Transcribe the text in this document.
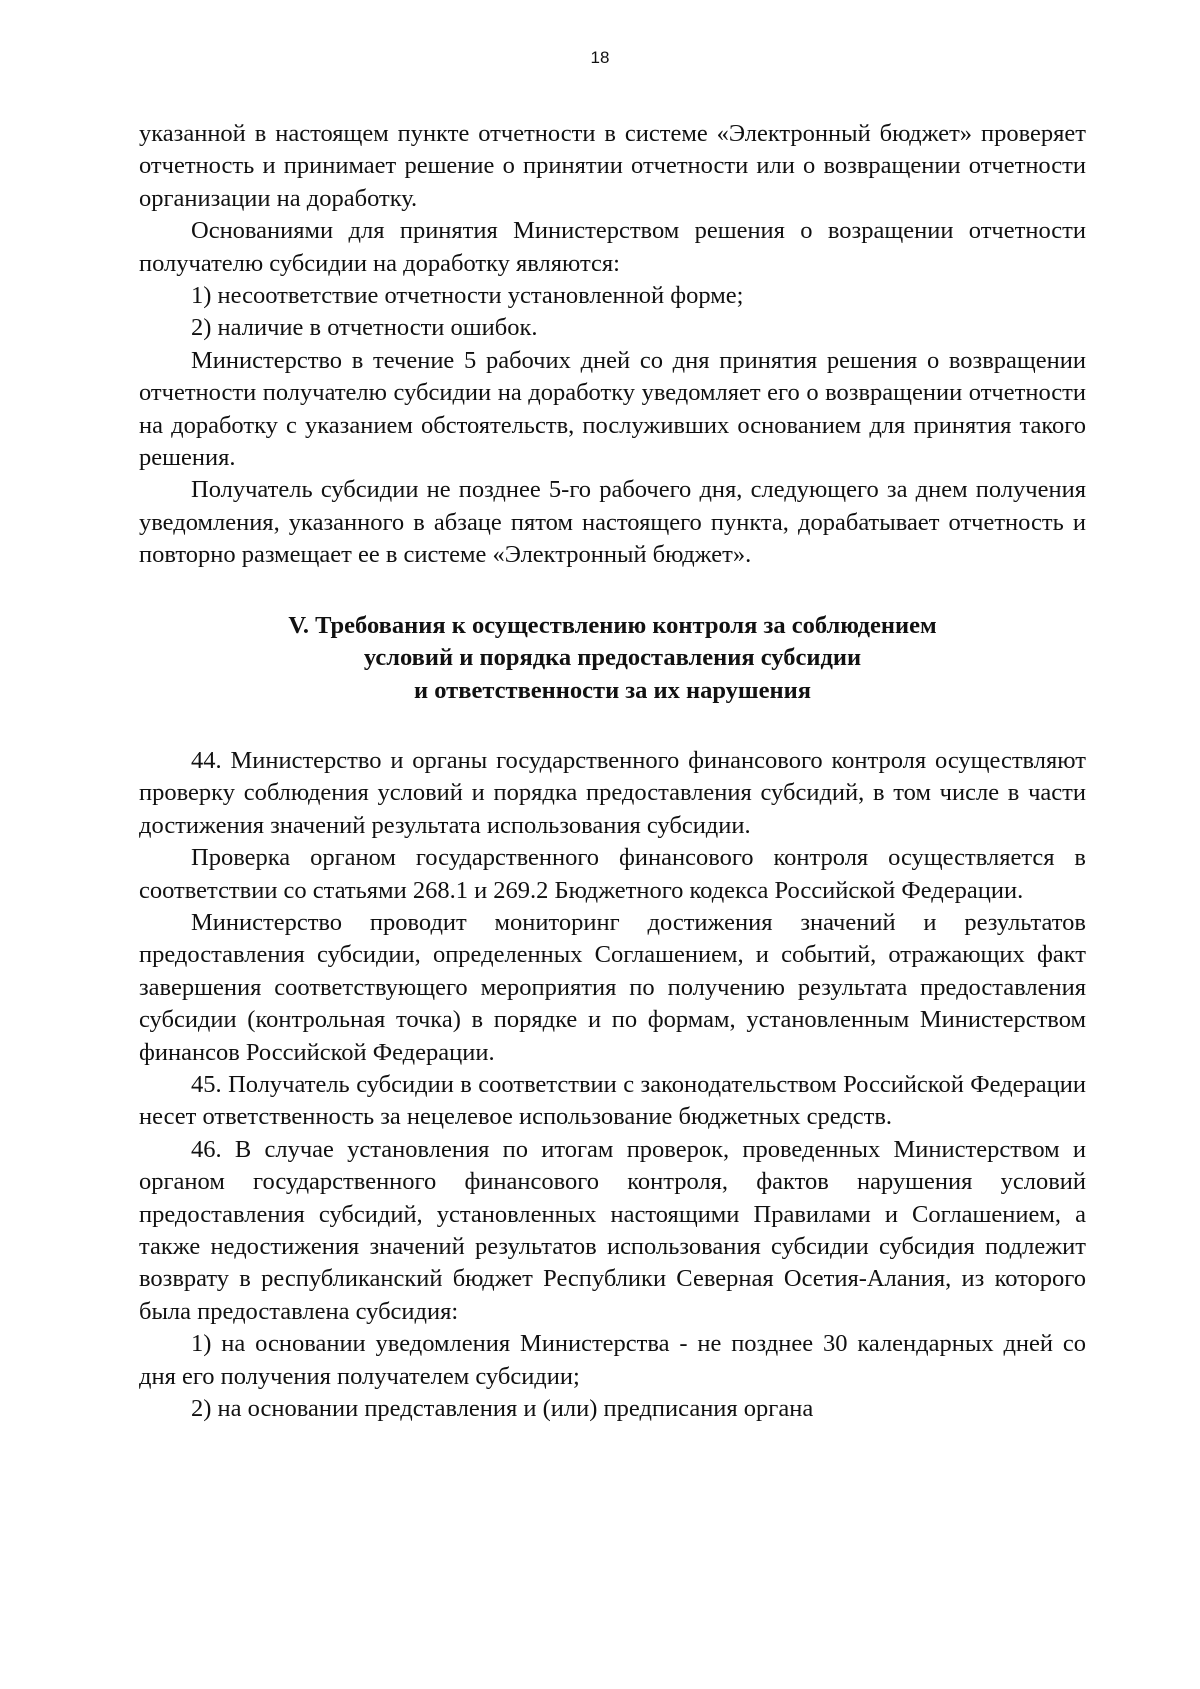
18

указанной в настоящем пункте отчетности в системе «Электронный бюджет» проверяет отчетность и принимает решение о принятии отчетности или о возвращении отчетности организации на доработку.

Основаниями для принятия Министерством решения о возращении отчетности получателю субсидии на доработку являются:

1) несоответствие отчетности установленной форме;

2) наличие в отчетности ошибок.

Министерство в течение 5 рабочих дней со дня принятия решения о возвращении отчетности получателю субсидии на доработку уведомляет его о возвращении отчетности на доработку с указанием обстоятельств, послуживших основанием для принятия такого решения.

Получатель субсидии не позднее 5-го рабочего дня, следующего за днем получения уведомления, указанного в абзаце пятом настоящего пункта, дорабатывает отчетность и повторно размещает ее в системе «Электронный бюджет».

V. Требования к осуществлению контроля за соблюдением
условий и порядка предоставления субсидии
и ответственности за их нарушения

44. Министерство и органы государственного финансового контроля осуществляют проверку соблюдения условий и порядка предоставления субсидий, в том числе в части достижения значений результата использования субсидии.

Проверка органом государственного финансового контроля осуществляется в соответствии со статьями 268.1 и 269.2 Бюджетного кодекса Российской Федерации.

Министерство проводит мониторинг достижения значений и результатов предоставления субсидии, определенных Соглашением, и событий, отражающих факт завершения соответствующего мероприятия по получению результата предоставления субсидии (контрольная точка) в порядке и по формам, установленным Министерством финансов Российской Федерации.

45. Получатель субсидии в соответствии с законодательством Российской Федерации несет ответственность за нецелевое использование бюджетных средств.

46. В случае установления по итогам проверок, проведенных Министерством и органом государственного финансового контроля, фактов нарушения условий предоставления субсидий, установленных настоящими Правилами и Соглашением, а также недостижения значений результатов использования субсидии субсидия подлежит возврату в республиканский бюджет Республики Северная Осетия-Алания, из которого была предоставлена субсидия:

1) на основании уведомления Министерства - не позднее 30 календарных дней со дня его получения получателем субсидии;

2) на основании представления и (или) предписания органа
